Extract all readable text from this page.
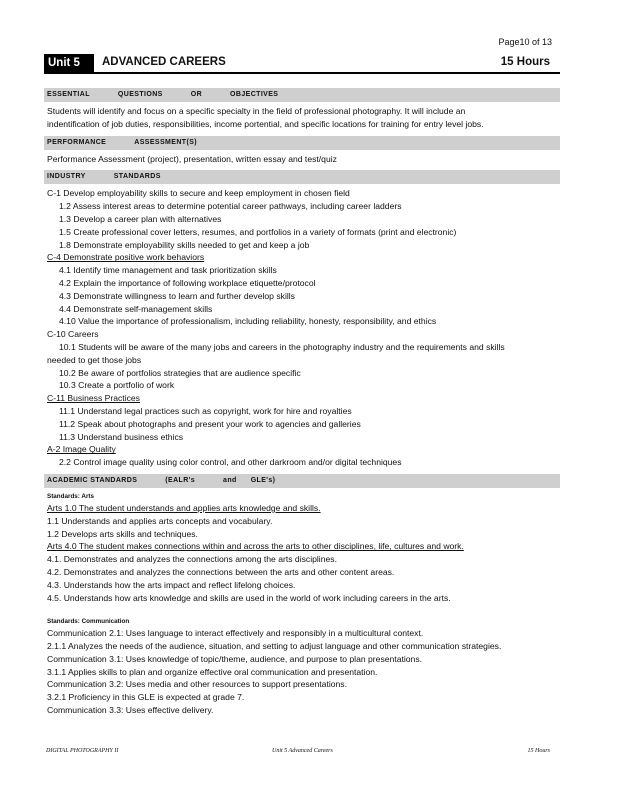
Page10 of 13
Unit 5	ADVANCED CAREERS	15 Hours
ESSENTIAL	QUESTIONS	OR	OBJECTIVES
Students will identify and focus on a specific specialty in the field of professional photography. It will include an
indentification of job duties, responsibilities, income portential, and specific locations for training for entry level jobs.
PERFORMANCE	ASSESSMENT(S)
Performance Assessment (project), presentation, written essay and test/quiz
INDUSTRY	STANDARDS
C-1 Develop employability skills to secure and keep employment in chosen field
1.2 Assess interest areas to determine potential career pathways, including career ladders
1.3 Develop a career plan with alternatives
1.5 Create professional cover letters, resumes, and portfolios in a variety of formats (print and electronic)
1.8 Demonstrate employability skills needed to get and keep a job
C-4 Demonstrate positive work behaviors
4.1 Identify time management and task prioritization skills
4.2 Explain the importance of following workplace etiquette/protocol
4.3 Demonstrate willingness to learn and further develop skills
4.4 Demonstrate self-management skills
4.10 Value the importance of professionalism, including reliability, honesty, responsibility, and ethics
C-10 Careers
10.1 Students will be aware of the many jobs and careers in the photography industry and the requirements and skills
needed to get those jobs
10.2 Be aware of portfolios strategies that are audience specific
10.3 Create a portfolio of work
C-11 Business Practices
11.1 Understand legal practices such as copyright, work for hire and royalties
11.2 Speak about photographs and present your work to agencies and galleries
11.3 Understand business ethics
A-2 Image Quality
2.2 Control image quality using color control, and other darkroom and/or digital techniques
ACADEMIC STANDARDS	(EALR's	and GLE's)
Standards: Arts
Arts 1.0 The student understands and applies arts knowledge and skills.
1.1 Understands and applies arts concepts and vocabulary.
1.2 Develops arts skills and techniques.
Arts 4.0 The student makes connections within and across the arts to other disciplines, life, cultures and work.
4.1. Demonstrates and analyzes the connections among the arts disciplines.
4.2. Demonstrates and analyzes the connections between the arts and other content areas.
4.3. Understands how the arts impact and reflect lifelong choices.
4.5. Understands how arts knowledge and skills are used in the world of work including careers in the arts.
Standards: Communication
Communication 2.1: Uses language to interact effectively and responsibly in a multicultural context.
2.1.1 Analyzes the needs of the audience, situation, and setting to adjust language and other communication strategies.
Communication 3.1: Uses knowledge of topic/theme, audience, and purpose to plan presentations.
3.1.1 Applies skills to plan and organize effective oral communication and presentation.
Communication 3.2: Uses media and other resources to support presentations.
3.2.1 Proficiency in this GLE is expected at grade 7.
Communication 3.3: Uses effective delivery.
DIGITAL PHOTOGRAPHY II	Unit 5 Advanced Careers	15 Hours
